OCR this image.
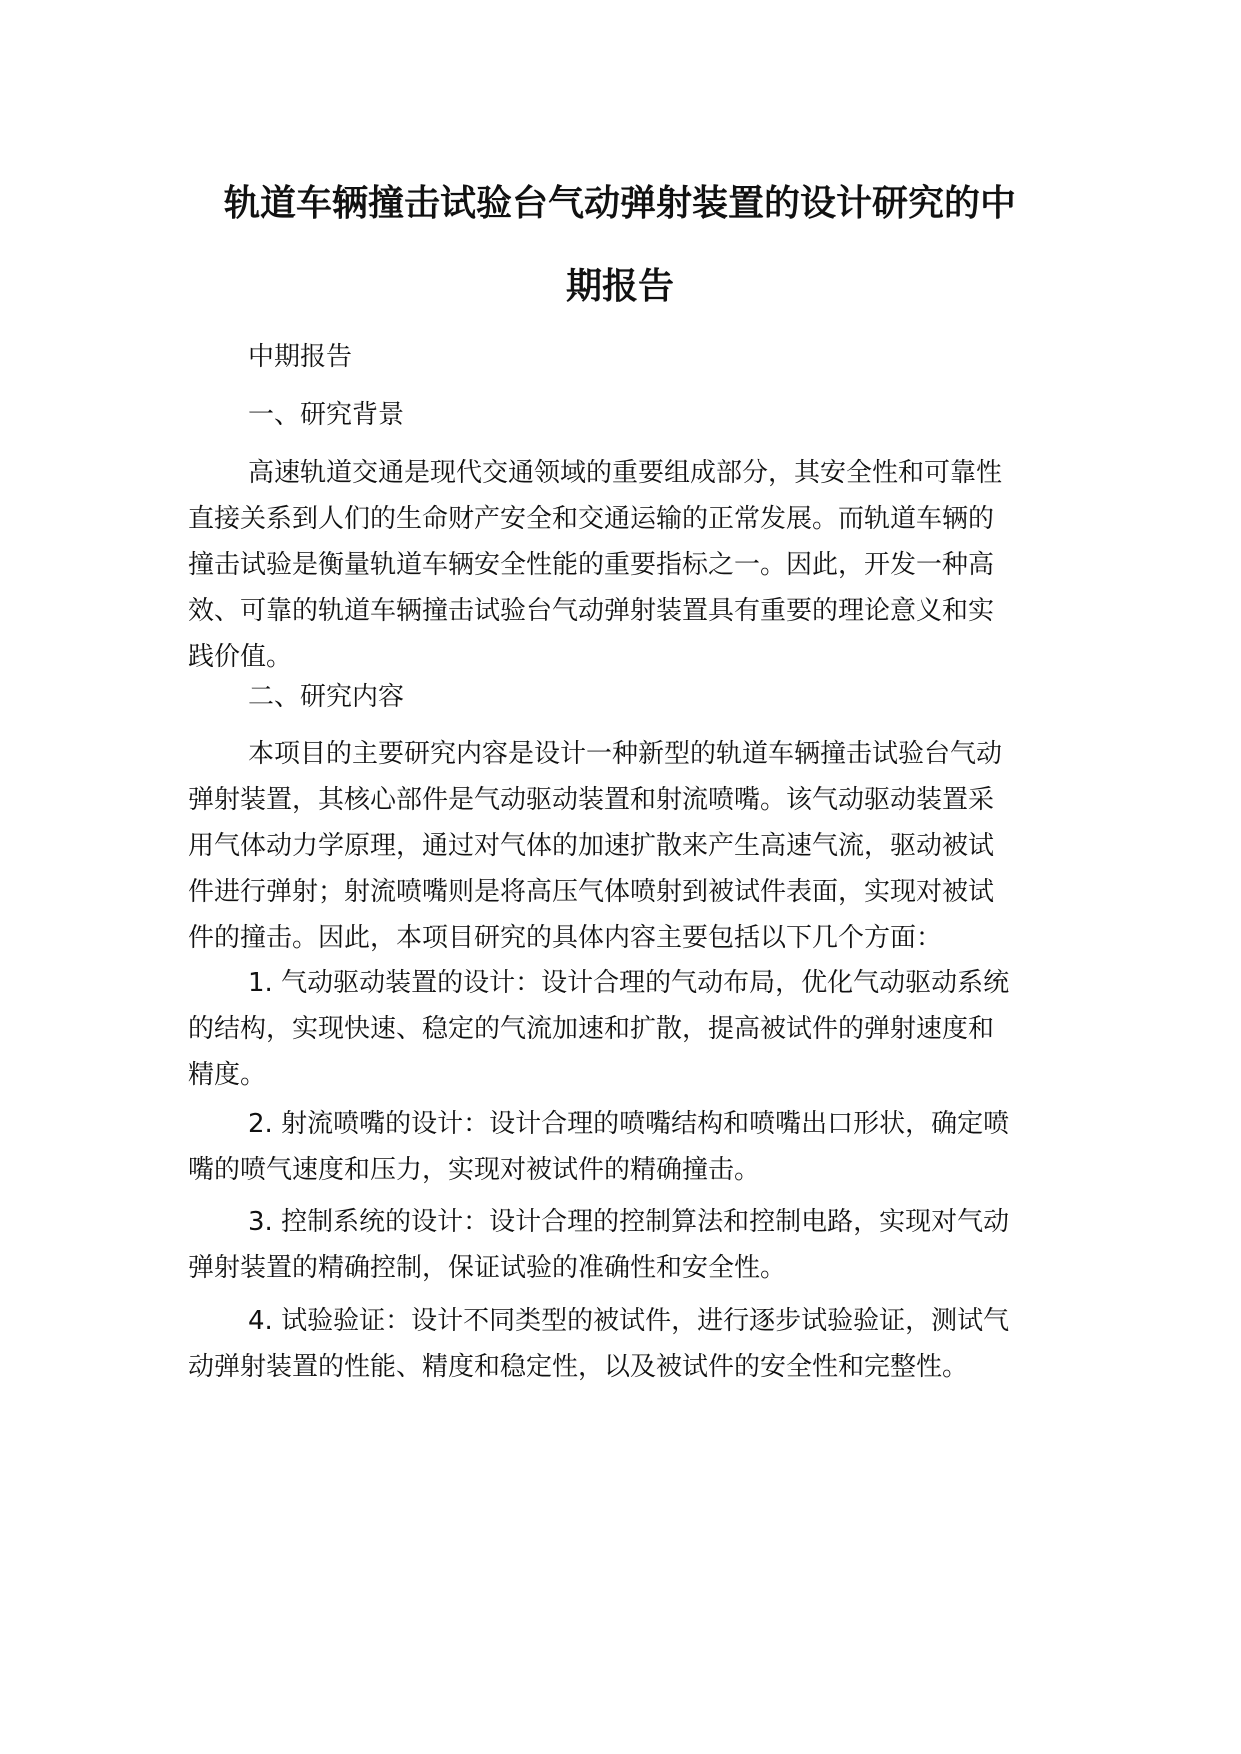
轨道车辆撞击试验台气动弹射装置的设计研究的中
期报告
中期报告
一、研究背景
高速轨道交通是现代交通领域的重要组成部分，其安全性和可靠性
直接关系到人们的生命财产安全和交通运输的正常发展。而轨道车辆的
撞击试验是衡量轨道车辆安全性能的重要指标之一。因此，开发一种高
效、可靠的轨道车辆撞击试验台气动弹射装置具有重要的理论意义和实
践价值。
二、研究内容
本项目的主要研究内容是设计一种新型的轨道车辆撞击试验台气动
弹射装置，其核心部件是气动驱动装置和射流喷嘴。该气动驱动装置采
用气体动力学原理，通过对气体的加速扩散来产生高速气流，驱动被试
件进行弹射；射流喷嘴则是将高压气体喷射到被试件表面，实现对被试
件的撞击。因此，本项目研究的具体内容主要包括以下几个方面：
1. 气动驱动装置的设计：设计合理的气动布局，优化气动驱动系统
的结构，实现快速、稳定的气流加速和扩散，提高被试件的弹射速度和
精度。
2. 射流喷嘴的设计：设计合理的喷嘴结构和喷嘴出口形状，确定喷
嘴的喷气速度和压力，实现对被试件的精确撞击。
3. 控制系统的设计：设计合理的控制算法和控制电路，实现对气动
弹射装置的精确控制，保证试验的准确性和安全性。
4. 试验验证：设计不同类型的被试件，进行逐步试验验证，测试气
动弹射装置的性能、精度和稳定性，以及被试件的安全性和完整性。
